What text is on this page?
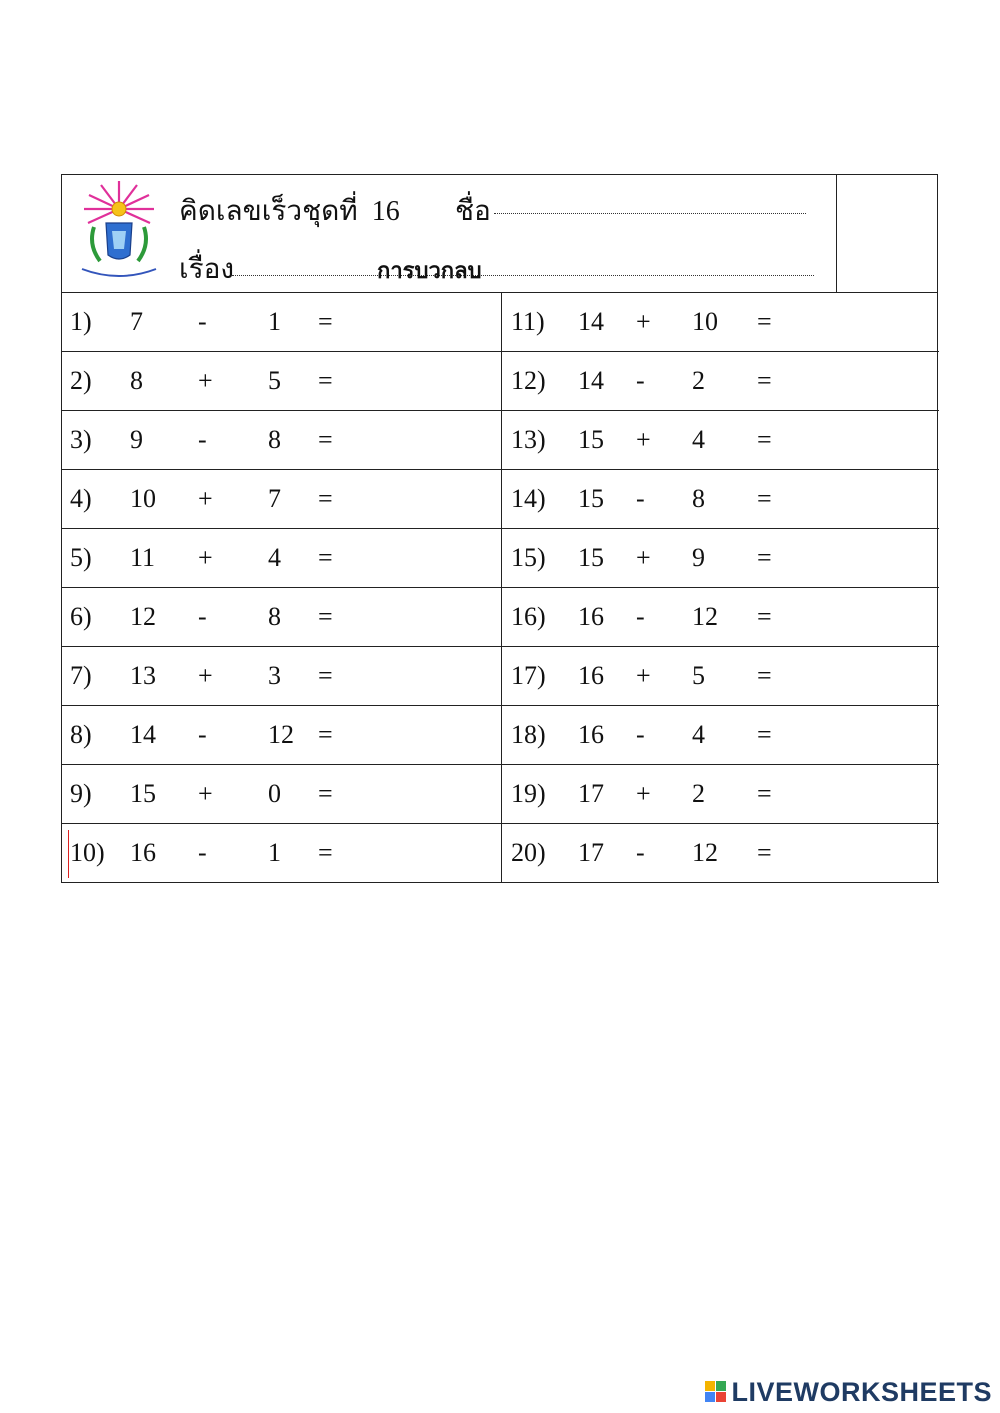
คิดเลขเร็วชุดที่ 16 ชื่อ
เรื่อง	การบวกลบ
1) 7 - 1 =	11) 14 + 10 =
2) 8 + 5 =	12) 14 - 2 =
3) 9 - 8 =	13) 15 + 4 =
4) 10 + 7 =	14) 15 - 8 =
5) 11 + 4 =	15) 15 + 9 =
6) 12 - 8 =	16) 16 - 12 =
7) 13 + 3 =	17) 16 + 5 =
8) 14 - 12 =	18) 16 - 4 =
9) 15 + 0 =	19) 17 + 2 =
10) 16 - 1 =	20) 17 - 12 =
LIVEWORKSHEETS
